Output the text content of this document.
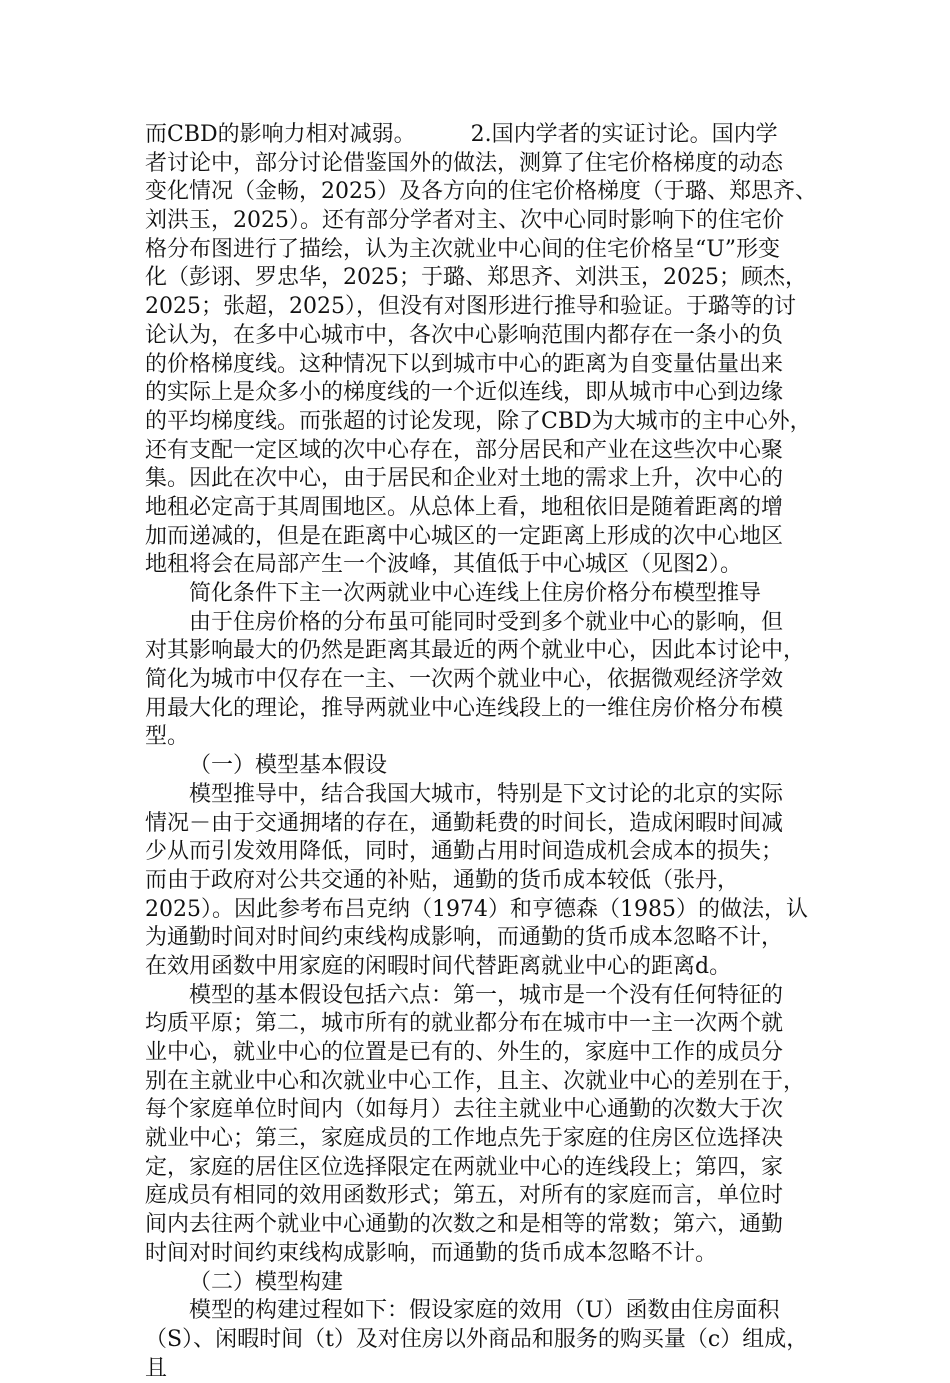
而CBD的影响力相对减弱。　　　2.国内学者的实证讨论。国内学
者讨论中，部分讨论借鉴国外的做法，测算了住宅价格梯度的动态
变化情况（金畅，2025）及各方向的住宅价格梯度（于璐、郑思齐、
刘洪玉，2025）。还有部分学者对主、次中心同时影响下的住宅价
格分布图进行了描绘，认为主次就业中心间的住宅价格呈“U”形变
化（彭诩、罗忠华，2025；于璐、郑思齐、刘洪玉，2025；顾杰，
2025；张超，2025），但没有对图形进行推导和验证。于璐等的讨
论认为，在多中心城市中，各次中心影响范围内都存在一条小的负
的价格梯度线。这种情况下以到城市中心的距离为自变量估量出来
的实际上是众多小的梯度线的一个近似连线，即从城市中心到边缘
的平均梯度线。而张超的讨论发现，除了CBD为大城市的主中心外，
还有支配一定区域的次中心存在，部分居民和产业在这些次中心聚
集。因此在次中心，由于居民和企业对土地的需求上升，次中心的
地租必定高于其周围地区。从总体上看，地租依旧是随着距离的增
加而递减的，但是在距离中心城区的一定距离上形成的次中心地区
地租将会在局部产生一个波峰，其值低于中心城区（见图2）。
简化条件下主一次两就业中心连线上住房价格分布模型推导
由于住房价格的分布虽可能同时受到多个就业中心的影响，但
对其影响最大的仍然是距离其最近的两个就业中心，因此本讨论中，
简化为城市中仅存在一主、一次两个就业中心，依据微观经济学效
用最大化的理论，推导两就业中心连线段上的一维住房价格分布模
型。
（一）模型基本假设
模型推导中，结合我国大城市，特别是下文讨论的北京的实际
情况－由于交通拥堵的存在，通勤耗费的时间长，造成闲暇时间减
少从而引发效用降低，同时，通勤占用时间造成机会成本的损失；
而由于政府对公共交通的补贴，通勤的货币成本较低（张丹，
2025）。因此参考布吕克纳（1974）和亨德森（1985）的做法，认
为通勤时间对时间约束线构成影响，而通勤的货币成本忽略不计，
在效用函数中用家庭的闲暇时间代替距离就业中心的距离d。
模型的基本假设包括六点：第一，城市是一个没有任何特征的
均质平原；第二，城市所有的就业都分布在城市中一主一次两个就
业中心，就业中心的位置是已有的、外生的，家庭中工作的成员分
别在主就业中心和次就业中心工作，且主、次就业中心的差别在于，
每个家庭单位时间内（如每月）去往主就业中心通勤的次数大于次
就业中心；第三，家庭成员的工作地点先于家庭的住房区位选择决
定，家庭的居住区位选择限定在两就业中心的连线段上；第四，家
庭成员有相同的效用函数形式；第五，对所有的家庭而言，单位时
间内去往两个就业中心通勤的次数之和是相等的常数；第六，通勤
时间对时间约束线构成影响，而通勤的货币成本忽略不计。
（二）模型构建
模型的构建过程如下：假设家庭的效用（U）函数由住房面积
（S）、闲暇时间（t）及对住房以外商品和服务的购买量（c）组成，
且
